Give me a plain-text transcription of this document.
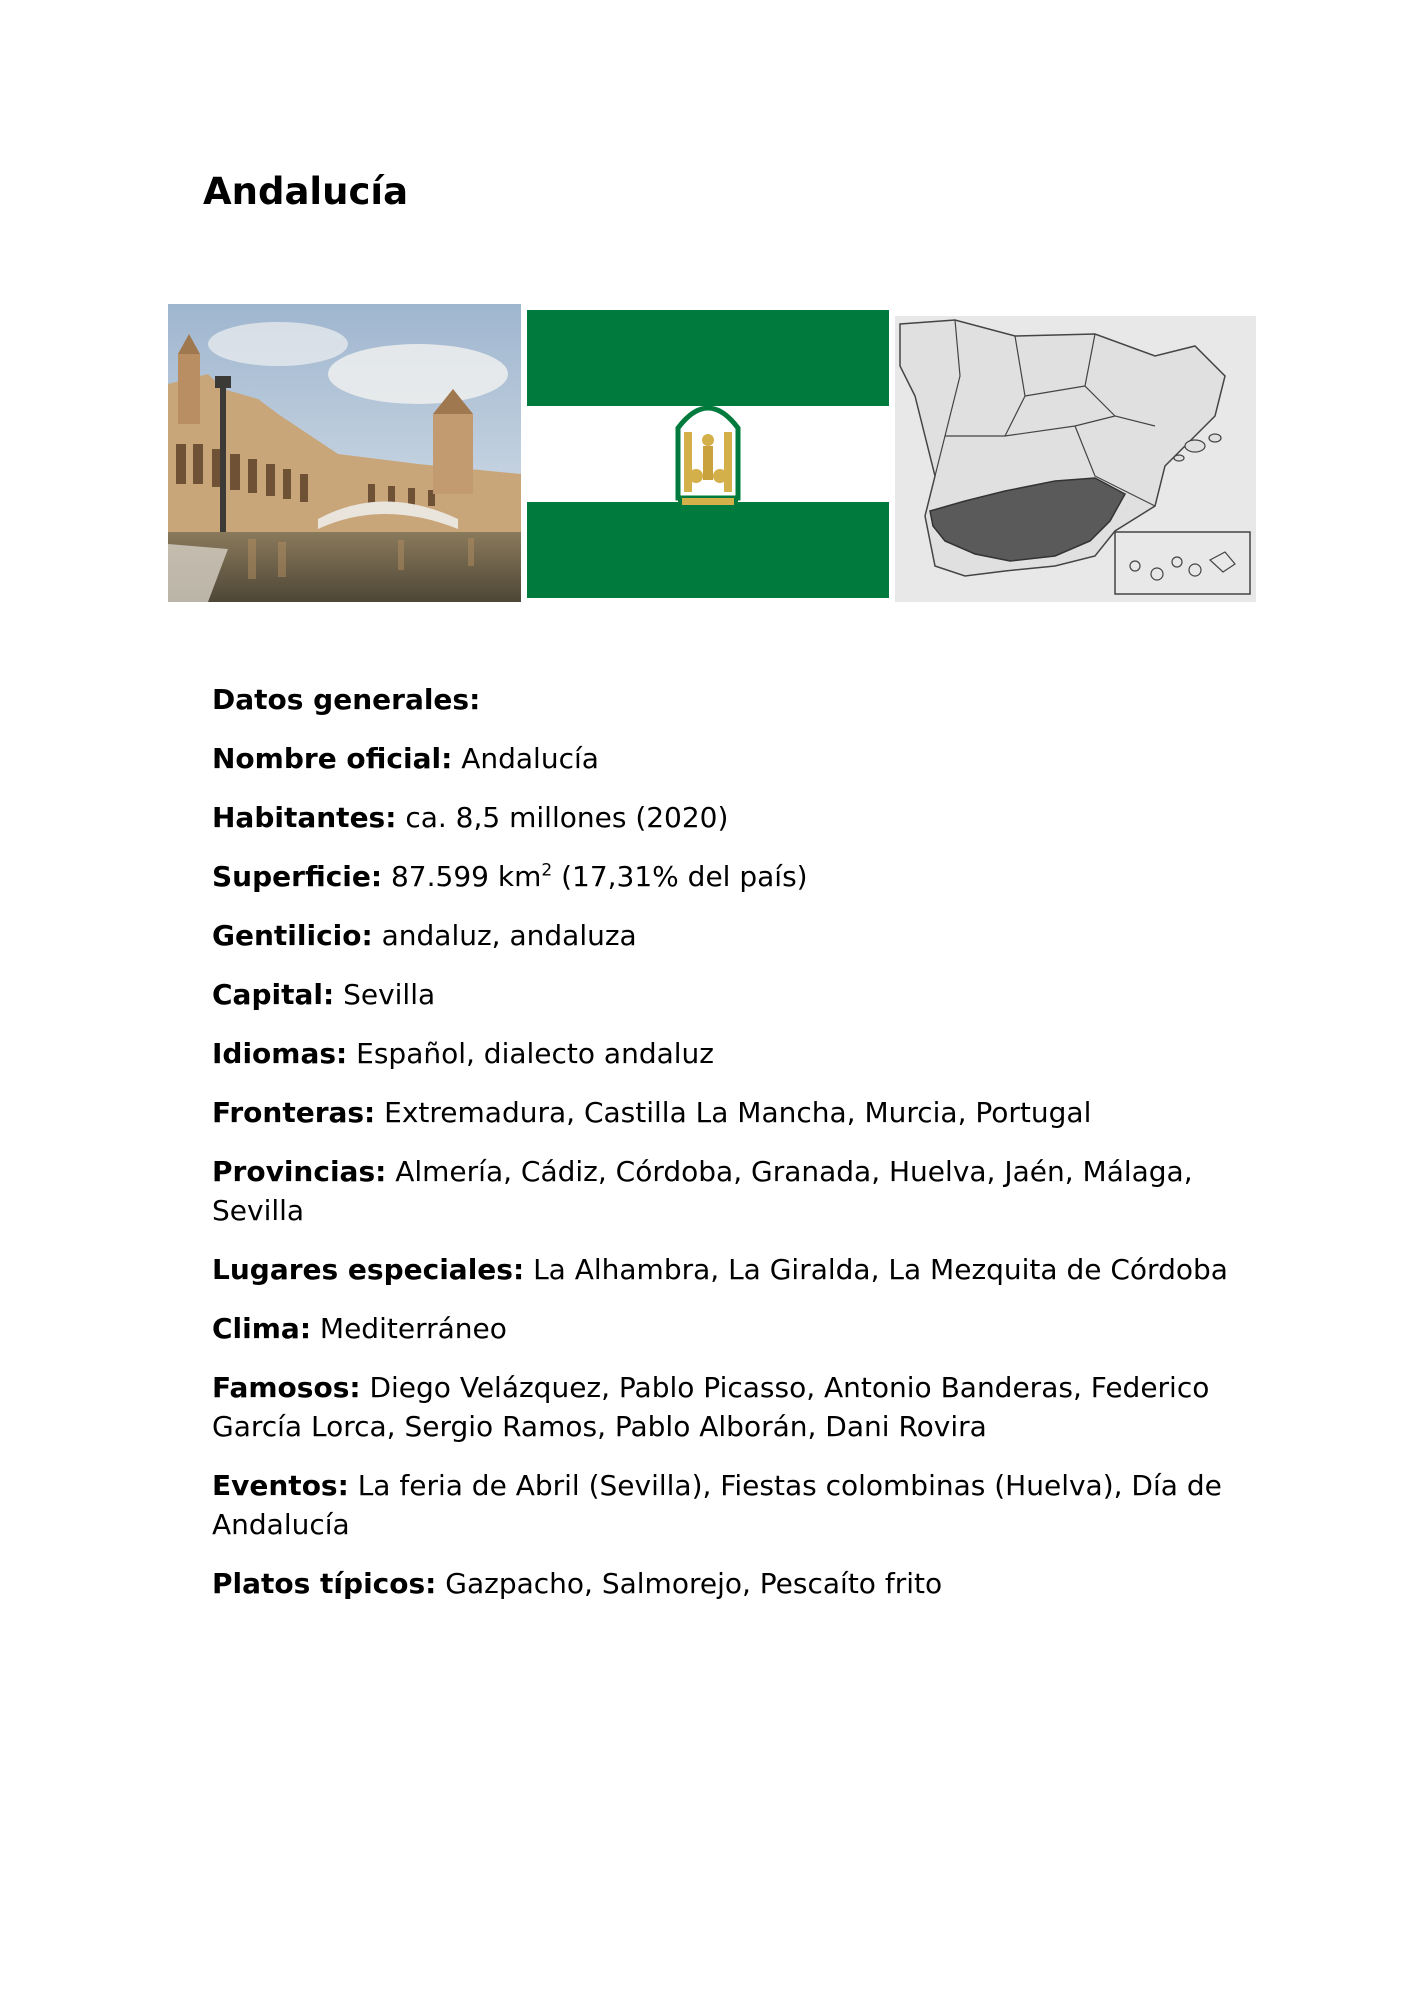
Andalucía

Datos generales:

Nombre oficial: Andalucía

Habitantes: ca. 8,5 millones (2020)

Superficie: 87.599 $km^2$ (17,31% del país)

Gentilicio: andaluz, andaluza

Capital: Sevilla

Idiomas: Español, dialecto andaluz

Fronteras: Extremadura, Castilla La Mancha, Murcia, Portugal

Provincias: Almería, Cádiz, Córdoba, Granada, Huelva, Jaén, Málaga, Sevilla

Lugares especiales: La Alhambra, La Giralda, La Mezquita de Córdoba

Clima: Mediterráneo

Famosos: Diego Velázquez, Pablo Picasso, Antonio Banderas, Federico García Lorca, Sergio Ramos, Pablo Alborán, Dani Rovira

Eventos: La feria de Abril (Sevilla), Fiestas colombinas (Huelva), Día de Andalucía

Platos típicos: Gazpacho, Salmorejo, Pescaíto frito
